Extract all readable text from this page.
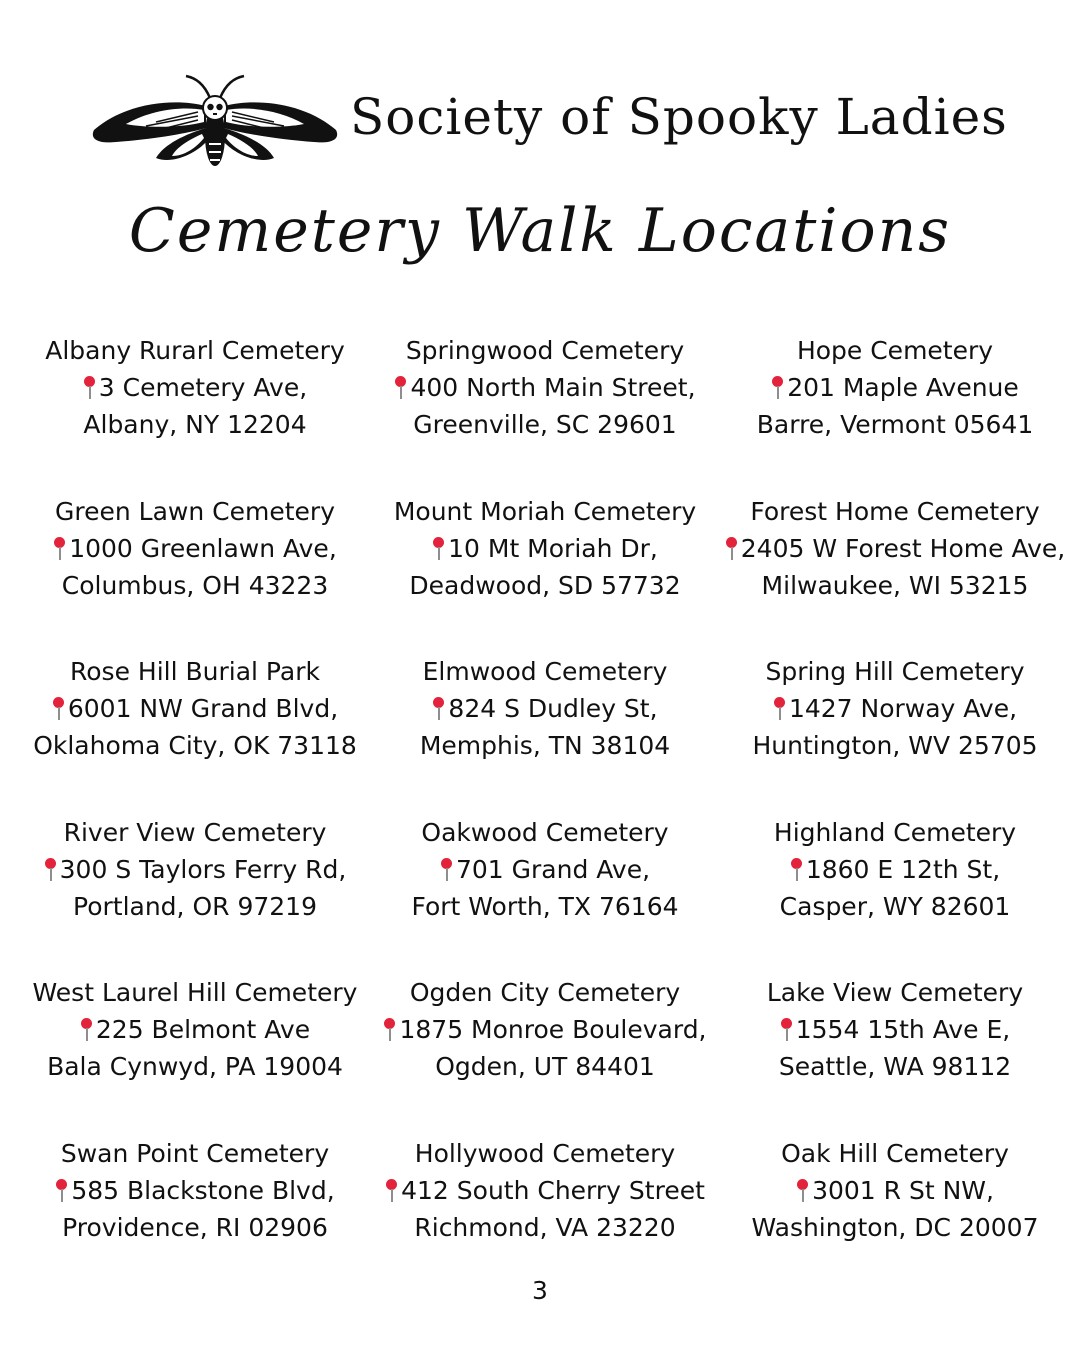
Society of Spooky Ladies
Cemetery Walk Locations
Albany Rurarl Cemetery
3 Cemetery Ave,
Albany, NY 12204
Springwood Cemetery
400 North Main Street,
Greenville, SC 29601
Hope Cemetery
201 Maple Avenue
Barre, Vermont 05641
Green Lawn Cemetery
1000 Greenlawn Ave,
Columbus, OH 43223
Mount Moriah Cemetery
10 Mt Moriah Dr,
Deadwood, SD 57732
Forest Home Cemetery
2405 W Forest Home Ave,
Milwaukee, WI 53215
Rose Hill Burial Park
6001 NW Grand Blvd,
Oklahoma City, OK 73118
Elmwood Cemetery
824 S Dudley St,
Memphis, TN 38104
Spring Hill Cemetery
1427 Norway Ave,
Huntington, WV 25705
River View Cemetery
300 S Taylors Ferry Rd,
Portland, OR 97219
Oakwood Cemetery
701 Grand Ave,
Fort Worth, TX 76164
Highland Cemetery
1860 E 12th St,
Casper, WY 82601
West Laurel Hill Cemetery
225 Belmont Ave
Bala Cynwyd, PA 19004
Ogden City Cemetery
1875 Monroe Boulevard,
Ogden, UT 84401
Lake View Cemetery
1554 15th Ave E,
Seattle, WA 98112
Swan Point Cemetery
585 Blackstone Blvd,
Providence, RI 02906
Hollywood Cemetery
412 South Cherry Street
Richmond, VA 23220
Oak Hill Cemetery
3001 R St NW,
Washington, DC 20007
3
